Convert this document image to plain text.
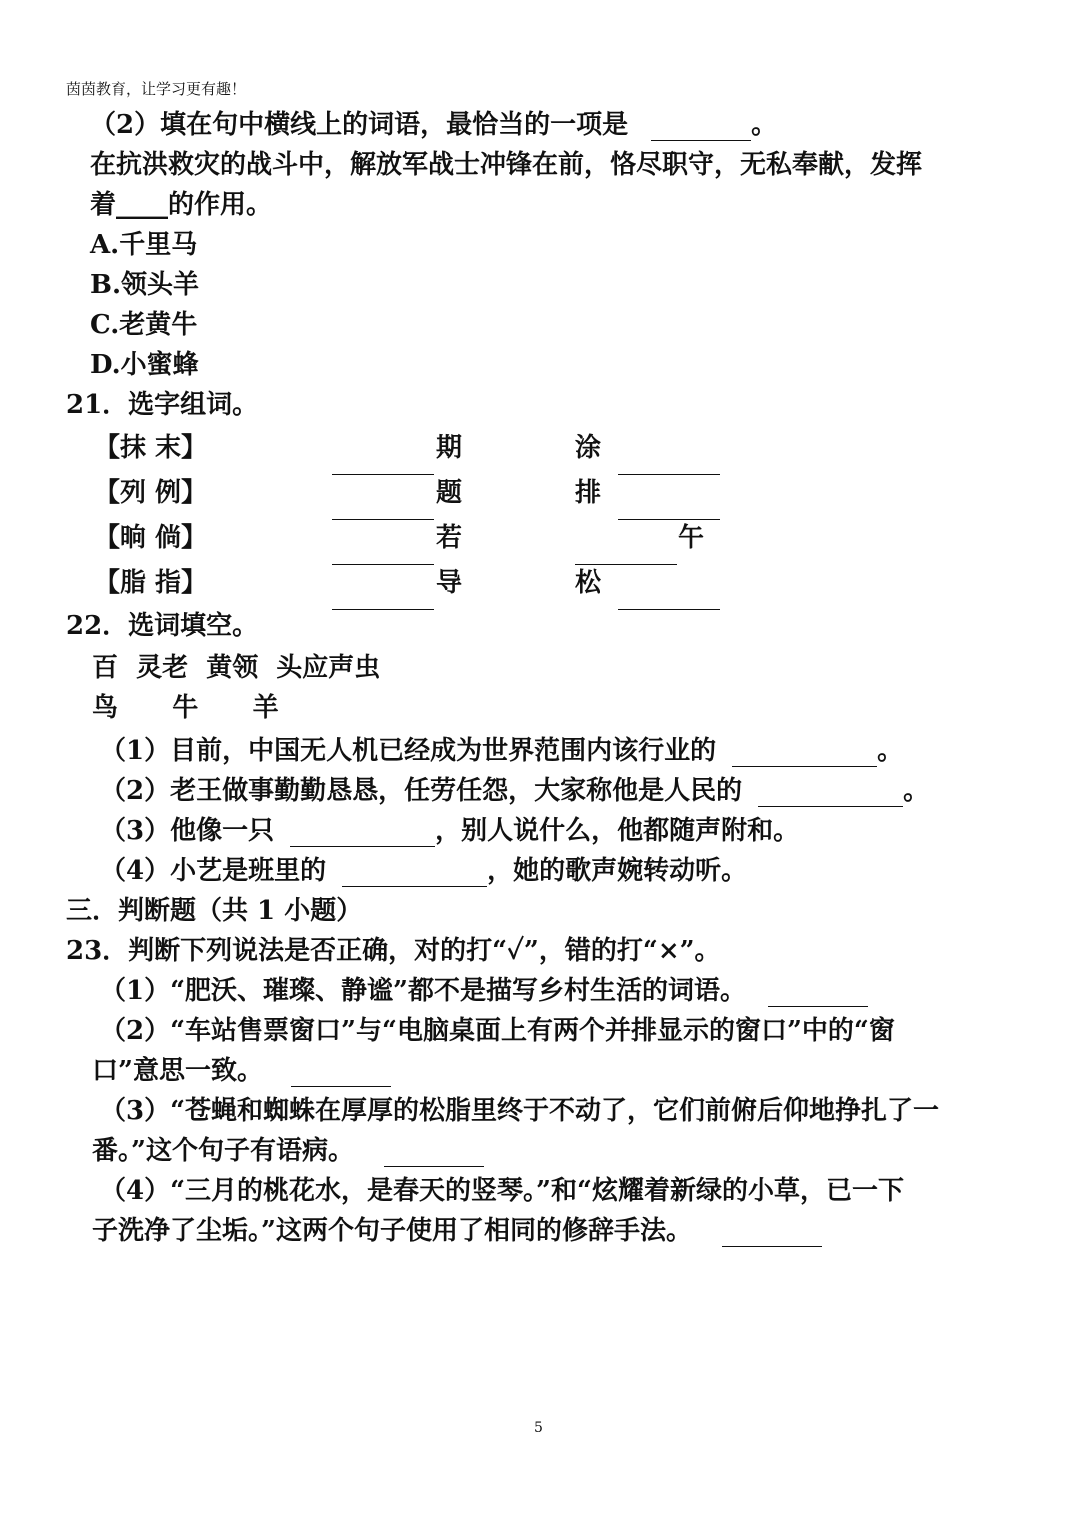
茵茵教育，让学习更有趣！
（2）填在句中横线上的词语，最恰当的一项是	。
在抗洪救灾的战斗中，解放军战士冲锋在前，恪尽职守，无私奉献，发挥
着____的作用。
A.千里马
B.领头羊
C.老黄牛
D.小蜜蜂
21．选字组词。
【抹 末】	期	涂
【列 例】	题	排
【晌 倘】	若	午
【脂 指】	导	松
22．选词填空。
百  灵老  黄领  头应声虫
鸟      牛      羊
（1）目前，中国无人机已经成为世界范围内该行业的	。
（2）老王做事勤勤恳恳，任劳任怨，大家称他是人民的	。
（3）他像一只	，别人说什么，他都随声附和。
（4）小艺是班里的	，她的歌声婉转动听。
三．判断题（共 1 小题）
23．判断下列说法是否正确，对的打“✓”，错的打“×”。
（1）“肥沃、璀璨、静谧”都不是描写乡村生活的词语。
（2）“车站售票窗口”与“电脑桌面上有两个并排显示的窗口”中的“窗
口”意思一致。
（3）“苍蝇和蜘蛛在厚厚的松脂里终于不动了，它们前俯后仰地挣扎了一
番。”这个句子有语病。
（4）“三月的桃花水，是春天的竖琴。”和“炫耀着新绿的小草，已一下
子洗净了尘垢。”这两个句子使用了相同的修辞手法。
5
